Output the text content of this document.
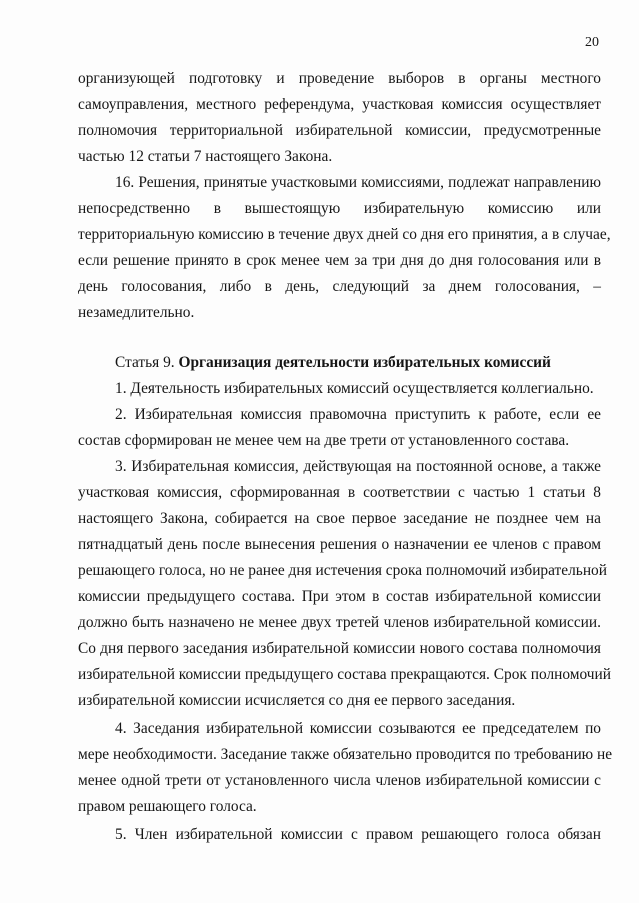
20
организующей подготовку и проведение выборов в органы местного
самоуправления, местного референдума, участковая комиссия осуществляет
полномочия территориальной избирательной комиссии, предусмотренные
частью 12 статьи 7 настоящего Закона.
16. Решения, принятые участковыми комиссиями, подлежат направлению
непосредственно в вышестоящую избирательную комиссию или
территориальную комиссию в течение двух дней со дня его принятия, а в случае,
если решение принято в срок менее чем за три дня до дня голосования или в
день голосования, либо в день, следующий за днем голосования, –
незамедлительно.
Статья 9. Организация деятельности избирательных комиссий
1. Деятельность избирательных комиссий осуществляется коллегиально.
2. Избирательная комиссия правомочна приступить к работе, если ее
состав сформирован не менее чем на две трети от установленного состава.
3. Избирательная комиссия, действующая на постоянной основе, а также
участковая комиссия, сформированная в соответствии с частью 1 статьи 8
настоящего Закона, собирается на свое первое заседание не позднее чем на
пятнадцатый день после вынесения решения о назначении ее членов с правом
решающего голоса, но не ранее дня истечения срока полномочий избирательной
комиссии предыдущего состава. При этом в состав избирательной комиссии
должно быть назначено не менее двух третей членов избирательной комиссии.
Со дня первого заседания избирательной комиссии нового состава полномочия
избирательной комиссии предыдущего состава прекращаются. Срок полномочий
избирательной комиссии исчисляется со дня ее первого заседания.
4. Заседания избирательной комиссии созываются ее председателем по
мере необходимости. Заседание также обязательно проводится по требованию не
менее одной трети от установленного числа членов избирательной комиссии с
правом решающего голоса.
5. Член избирательной комиссии с правом решающего голоса обязан
